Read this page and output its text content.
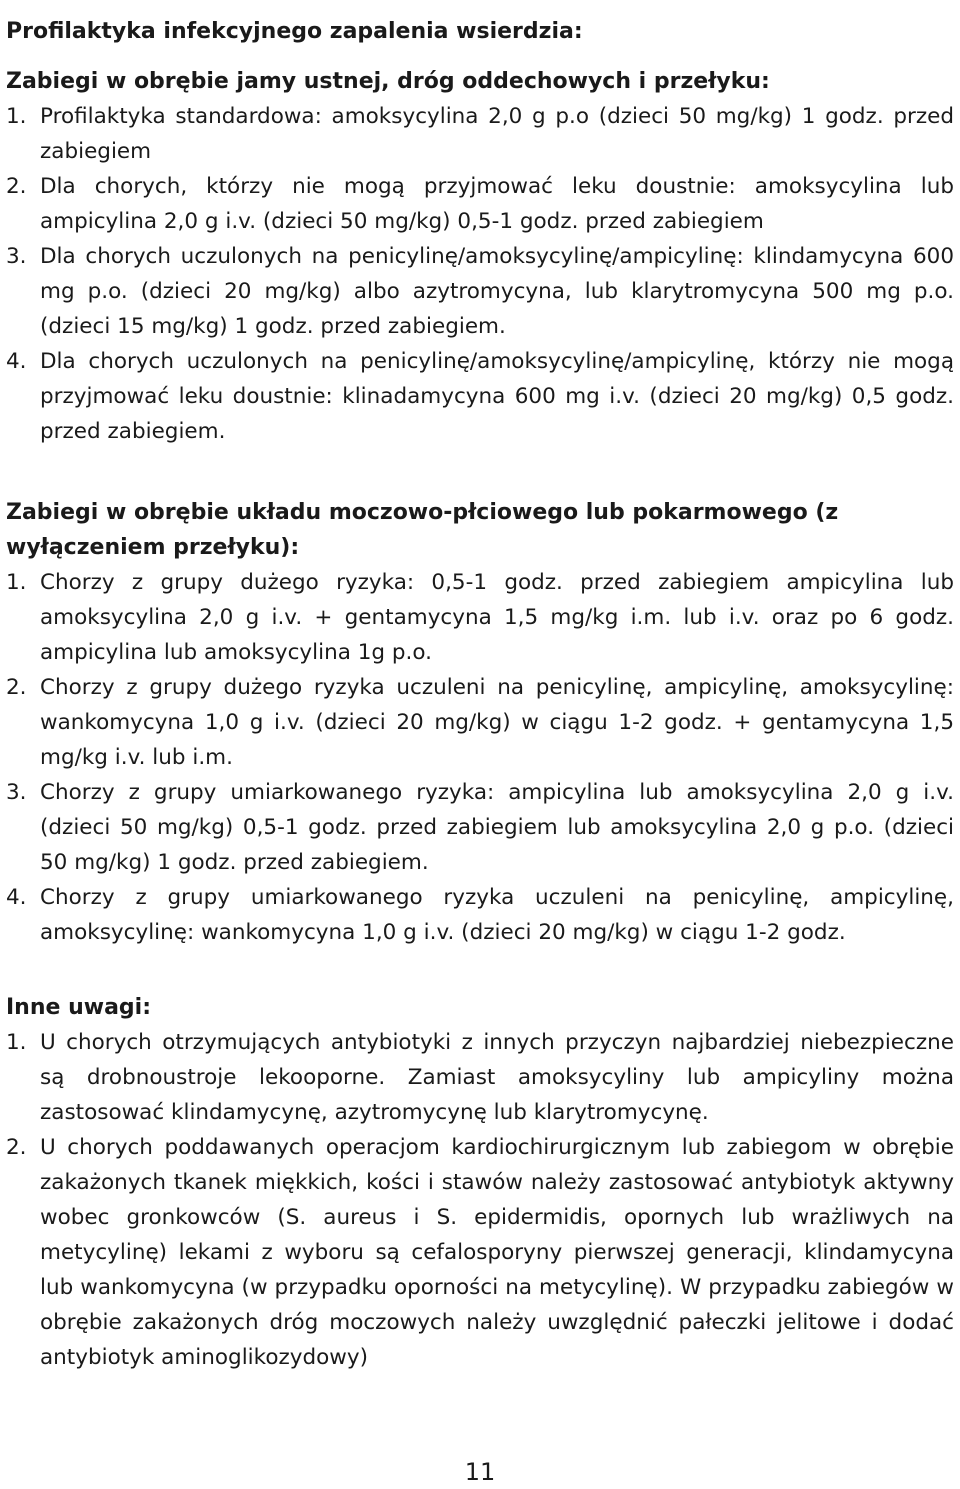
Profilaktyka infekcyjnego zapalenia wsierdzia:
Zabiegi w obrębie jamy ustnej, dróg oddechowych i przełyku:
1. Profilaktyka standardowa: amoksycylina 2,0 g p.o (dzieci 50 mg/kg) 1 godz. przed zabiegiem
2. Dla chorych, którzy nie mogą przyjmować leku doustnie: amoksycylina lub ampicylina 2,0 g i.v. (dzieci 50 mg/kg) 0,5-1 godz. przed zabiegiem
3. Dla chorych uczulonych na penicylinę/amoksycylinę/ampicylinę: klindamycyna 600 mg p.o. (dzieci 20 mg/kg) albo azytromycyna, lub klarytromycyna 500 mg p.o. (dzieci 15 mg/kg) 1 godz. przed zabiegiem.
4. Dla chorych uczulonych na penicylinę/amoksycylinę/ampicylinę, którzy nie mogą przyjmować leku doustnie: klinadamycyna 600 mg i.v. (dzieci 20 mg/kg) 0,5 godz. przed zabiegiem.
Zabiegi w obrębie układu moczowo-płciowego lub pokarmowego (z wyłączeniem przełyku):
1. Chorzy z grupy dużego ryzyka: 0,5-1 godz. przed zabiegiem ampicylina lub amoksycylina 2,0 g i.v. + gentamycyna 1,5 mg/kg i.m. lub i.v. oraz po 6 godz. ampicylina lub amoksycylina 1g p.o.
2. Chorzy z grupy dużego ryzyka uczuleni na penicylinę, ampicylinę, amoksycylinę: wankomycyna 1,0 g i.v. (dzieci 20 mg/kg) w ciągu 1-2 godz. + gentamycyna 1,5 mg/kg i.v. lub i.m.
3. Chorzy z grupy umiarkowanego ryzyka: ampicylina lub amoksycylina 2,0 g i.v. (dzieci 50 mg/kg) 0,5-1 godz. przed zabiegiem lub amoksycylina 2,0 g p.o. (dzieci 50 mg/kg) 1 godz. przed zabiegiem.
4. Chorzy z grupy umiarkowanego ryzyka uczuleni na penicylinę, ampicylinę, amoksycylinę: wankomycyna 1,0 g i.v. (dzieci 20 mg/kg) w ciągu 1-2 godz.
Inne uwagi:
1. U chorych otrzymujących antybiotyki z innych przyczyn najbardziej niebezpieczne są drobnoustroje lekooporne. Zamiast amoksycyliny lub ampicyliny można zastosować klindamycynę, azytromycynę lub klarytromycynę.
2. U chorych poddawanych operacjom kardiochirurgicznym lub zabiegom w obrębie zakażonych tkanek miękkich, kości i stawów należy zastosować antybiotyk aktywny wobec gronkowców (S. aureus i S. epidermidis, opornych lub wrażliwych na metycylinę) lekami z wyboru są cefalosporyny pierwszej generacji, klindamycyna lub wankomycyna (w przypadku oporności na metycylinę). W przypadku zabiegów w obrębie zakażonych dróg moczowych należy uwzględnić pałeczki jelitowe i dodać antybiotyk aminoglikozydowy)
11
